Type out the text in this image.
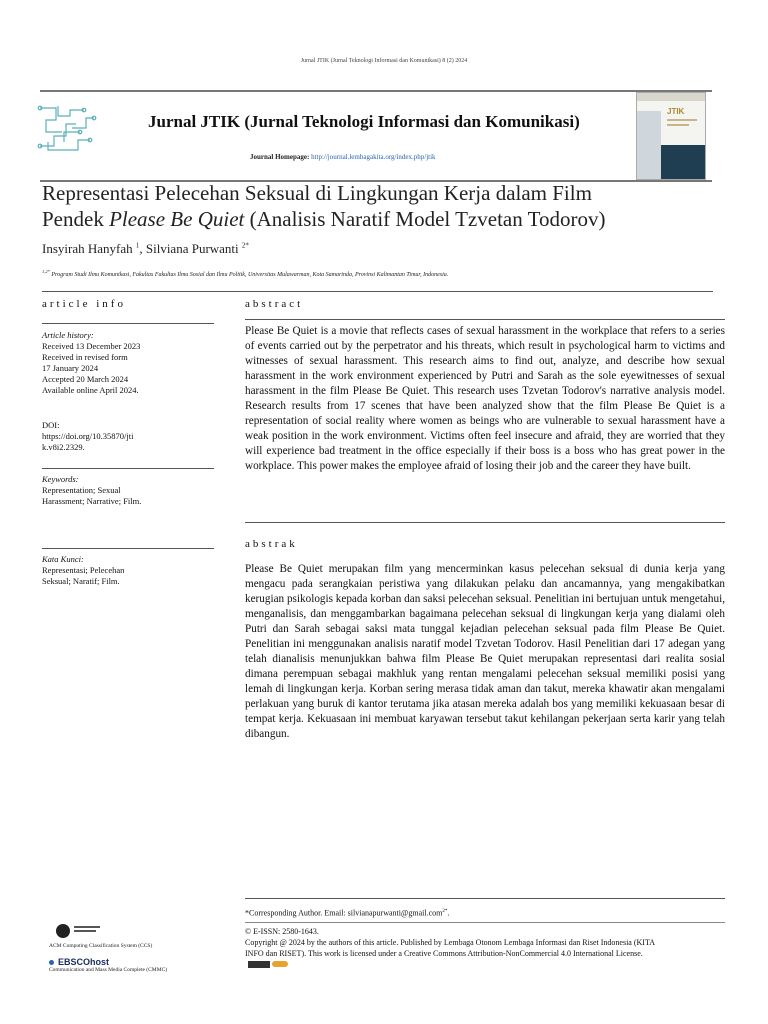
Jurnal JTIK (Jurnal Teknologi Informasi dan Komunikasi) 8 (2) 2024
Jurnal JTIK (Jurnal Teknologi Informasi dan Komunikasi)
Journal Homepage: http://journal.lembagakita.org/index.php/jtik
JTIK
Representasi Pelecehan Seksual di Lingkungan Kerja dalam Film
Pendek Please Be Quiet (Analisis Naratif Model Tzvetan Todorov)
Insyirah Hanyfah $^1$, Silviana Purwanti $^{2*}$
$^{1,2*}$ Program Studi Ilmu Komunikasi, Fakultas Fakultas Ilmu Sosial dan Ilmu Politik, Universitas Mulawarman, Kota Samarinda, Provinsi Kalimantan Timur, Indonesia.
article info
Article history:
Received 13 December 2023
Received in revised form
17 January 2024
Accepted 20 March 2024
Available online April 2024.
DOI:
https://doi.org/10.35870/jti
k.v8i2.2329.
Keywords:
Representation; Sexual
Harassment; Narrative; Film.
Kata Kunci:
Representasi; Pelecehan
Seksual; Naratif; Film.
abstract
Please Be Quiet is a movie that reflects cases of sexual harassment in the workplace that refers to a series of events carried out by the perpetrator and his threats, which result in psychological harm to victims and witnesses of sexual harassment. This research aims to find out, analyze, and describe how sexual harassment in the work environment experienced by Putri and Sarah as the sole eyewitnesses of sexual harassment in the film Please Be Quiet. This research uses Tzvetan Todorov's narrative analysis model. Research results from 17 scenes that have been analyzed show that the film Please Be Quiet is a representation of social reality where women as beings who are vulnerable to sexual harassment have a weak position in the work environment. Victims often feel insecure and afraid, they are worried that they will experience bad treatment in the office especially if their boss is a boss who has great power in the workplace. This power makes the employee afraid of losing their job and the career they have built.
abstrak
Please Be Quiet merupakan film yang mencerminkan kasus pelecehan seksual di dunia kerja yang mengacu pada serangkaian peristiwa yang dilakukan pelaku dan ancamannya, yang mengakibatkan kerugian psikologis kepada korban dan saksi pelecehan seksual. Penelitian ini bertujuan untuk mengetahui, menganalisis, dan menggambarkan bagaimana pelecehan seksual di lingkungan kerja yang dialami oleh Putri dan Sarah sebagai saksi mata tunggal kejadian pelecehan seksual pada film Please Be Quiet. Penelitian ini menggunakan analisis naratif model Tzvetan Todorov. Hasil Penelitian dari 17 adegan yang telah dianalisis menunjukkan bahwa film Please Be Quiet merupakan representasi dari realita sosial dimana perempuan sebagai makhluk yang rentan mengalami pelecehan seksual memiliki posisi yang lemah di lingkungan kerja. Korban sering merasa tidak aman dan takut, mereka khawatir akan mengalami perlakuan yang buruk di kantor terutama jika atasan mereka adalah bos yang memiliki kekuasaan besar di tempat kerja. Kekuasaan ini membuat karyawan tersebut takut kehilangan pekerjaan serta karir yang telah dibangun.
*Corresponding Author. Email: silvianapurwanti@gmail.com$^{2*}$.
© E-ISSN: 2580-1643.
Copyright @ 2024 by the authors of this article. Published by Lembaga Otonom Lembaga Informasi dan Riset Indonesia (KITA INFO dan RISET). This work is licensed under a Creative Commons Attribution-NonCommercial 4.0 International License.
ACM Computing Classification System (CCS)
EBSCOhost
Communication and Mass Media Complete (CMMC)
